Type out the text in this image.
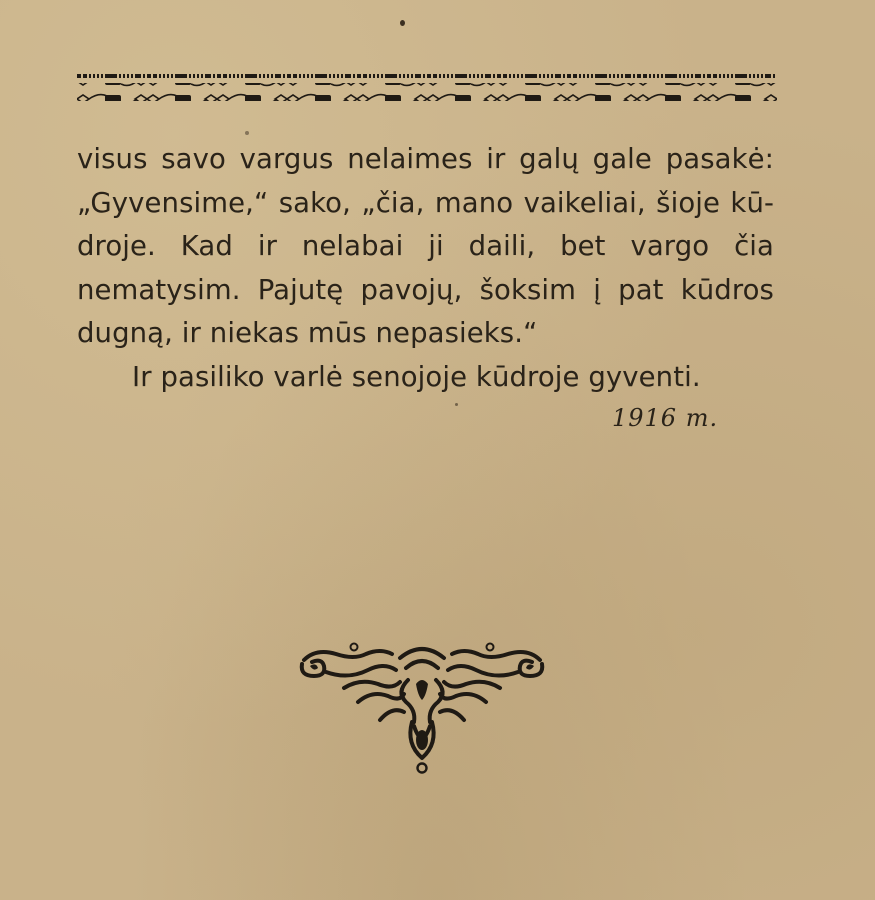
visus savo vargus nelaimes ir galų gale pasakė:
„Gyvensime,“ sako, „čia, mano vaikeliai, šioje kū-
droje. Kad ir nelabai ji daili, bet vargo čia
nematysim. Pajutę pavojų, šoksim į pat kūdros
dugną, ir niekas mūs nepasieks.“
Ir pasiliko varlė senojoje kūdroje gyventi.
1916 m.
